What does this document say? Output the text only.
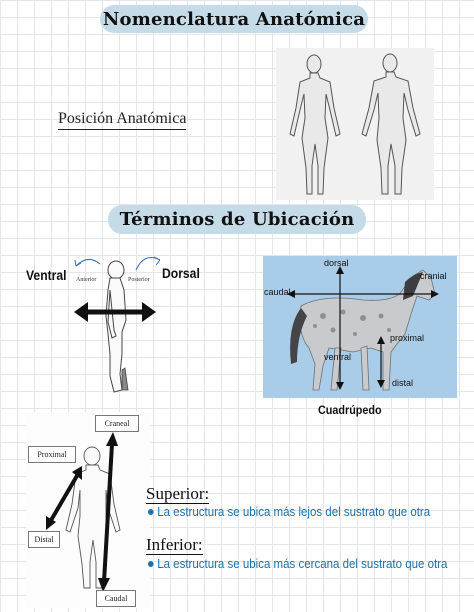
Nomenclatura Anatómica
Posición Anatómica
Términos de Ubicación
Ventral	Dorsal
Anterior	Posterior
dorsal
cranial
caudal
proximal
ventral
distal
Cuadrúpedo
Craneal
Proximal
Distal
Caudal
Superior:
La estructura se ubica más lejos del sustrato que otra
Inferior:
La estructura se ubica más cercana del sustrato que otra
